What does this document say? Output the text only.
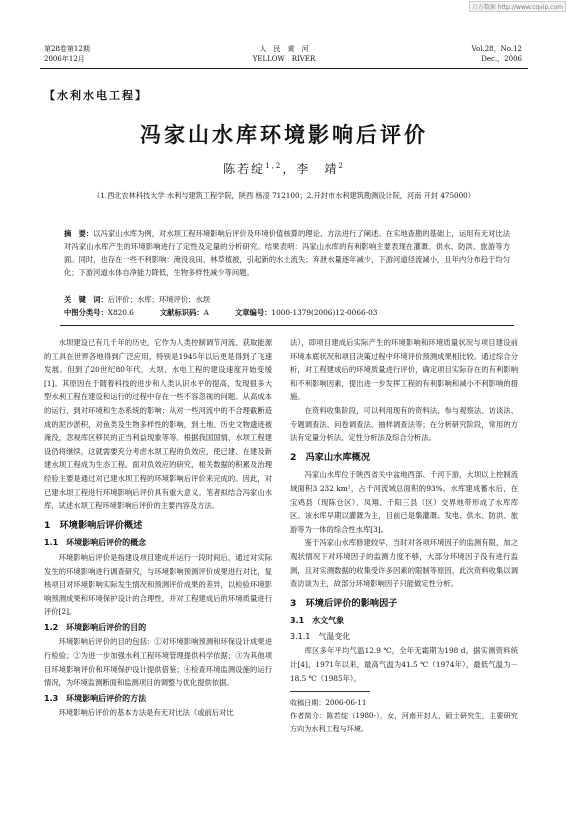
万方数据 http://www.cqvip.com
第28卷第12期
2006年12月
人　民　黄　河
YELLOW　RIVER
Vol.28，No.12
Dec.，2006
【水利水电工程】
冯家山水库环境影响后评价
陈若绽$^{1,2}$，李　靖$^2$
（1.西北农林科技大学 水利与建筑工程学院，陕西 杨凌 712100；2.开封市水利建筑勘测设计院，河南 开封 475000）
摘　要：以冯家山水库为例，对水坝工程环境影响后评价及环境价值核算的理论、方法进行了阐述。在实地查勘的基础上，运用有无对比法对冯家山水库产生的环境影响进行了定性及定量的分析研究。结果表明：冯家山水库的有利影响主要表现在灌溉、供水、防洪、旅游等方面。同时，也存在一些不利影响：淹没良田、林草植被，引起新的水土流失；弃泄水量逐年减少，下游河道径流减小，且年内分布趋于均匀化；下游河道水体自净能力降低，生物多样性减少等问题。
关　键　词：后评价；水库；环境评价；水坝
中图分类号：X820.6	文献标识码：A	文章编号：1000-1379(2006)12-0066-03

水坝建设已有几千年的历史，它作为人类控制调节河流、获取能源的工具在世界各地得到广泛应用，特别是1945年以后更是得到了飞速发展。但到了20世纪80年代，大坝、水电工程的建设速度开始变缓[1]。其原因在于随着科技的进步和人类认识水平的提高，发现很多大型水利工程在建设和运行的过程中存在一些不容忽视的问题。从高成本的运行，到对环境和生态系统的影响；从对一些河流中的不合理截断造成的泥沙淤积，对鱼类及生物多样性的影响，到土地、历史文物遗迹被淹没，忽视库区移民的正当利益现象等等。根据我国国情，水坝工程建设仍将继续，这就需要充分考虑水坝工程的负效应，使已建、在建及新建水坝工程成为生态工程。面对负效应的研究，相关数据的积累及治理经验主要是通过对已建水坝工程的环境影响后评价来完成的。因此，对已建水坝工程进行环境影响后评价具有重大意义。笔者拟结合冯家山水库，试述水坝工程环境影响后评价的主要内容及方法。

1　环境影响后评价概述
1.1　环境影响后评价的概念

环境影响后评价是指建设项目建成并运行一段时间后，通过对实际发生的环境影响进行调查研究，与环境影响预测评价成果进行对比，复核项目对环境影响实际发生情况和预测评价成果的差异，以检验环境影响预测成果和环境保护设计的合理性，并对工程建成后的环境质量进行评价[2]。

1.2　环境影响后评价的目的

环境影响后评价的目的包括：①对环境影响预测和环保设计成果进行检验；②为进一步加强水利工程环境管理提供科学依据；③为其他项目环境影响评价和环境保护设计提供借鉴；④检查环境监测设施的运行情况，为环境监测断面和监测项目的调整与优化提供依据。

1.3　环境影响后评价的方法

环境影响后评价的基本方法是有无对比法（或前后对比

法），即项目建成后实际产生的环境影响和环境质量状况与项目建设前环境本底状况和项目决策过程中环境评价预测成果相比较。通过综合分析，对工程建成后的环境质量进行评价，确定项目实际存在的有利影响和不利影响因素，提出进一步发挥工程的有利影响和减小不利影响的措施。

在资料收集阶段，可以利用现有的资料法、参与观察法、访谈法、专题调查法、问卷调查法、抽样调查法等；在分析研究阶段，常用的方法有定量分析法、定性分析法及综合分析法。

2　冯家山水库概况

冯家山水库位于陕西省关中盆地西部、千河下游，大坝以上控制流域面积3 232 km²，占千河流域总面积的93%。水库建成蓄水后，在宝鸡县（现陈仓区）、凤翔、千阳三县（区）交界地带形成了水库库区。该水库早期以灌溉为主，目前已是集灌溉、发电、供水、防洪、旅游等为一体的综合性水库[3]。

鉴于冯家山水库修建较早，当时对各项环境因子的监测有限，加之观状情况下对环境因子的监测力度不够，大部分环境因子没有进行监测，且对实测数据的收集受许多因素的限制等原因，此次资料收集以调查访谈为主，故部分环境影响因子只能做定性分析。

3　环境后评价的影响因子
3.1　水文气象
3.1.1　气温变化

库区多年平均气温12.9 ℃，全年无霜期为198 d。据实测资料统计[4]，1971年以来，最高气温为41.5 ℃（1974年），最低气温为－18.5 ℃（1985年）。

收稿日期：2006-06-11
作者简介：陈若绽（1980-），女，河南开封人，硕士研究生，主要研究方向为水利工程与环境。
